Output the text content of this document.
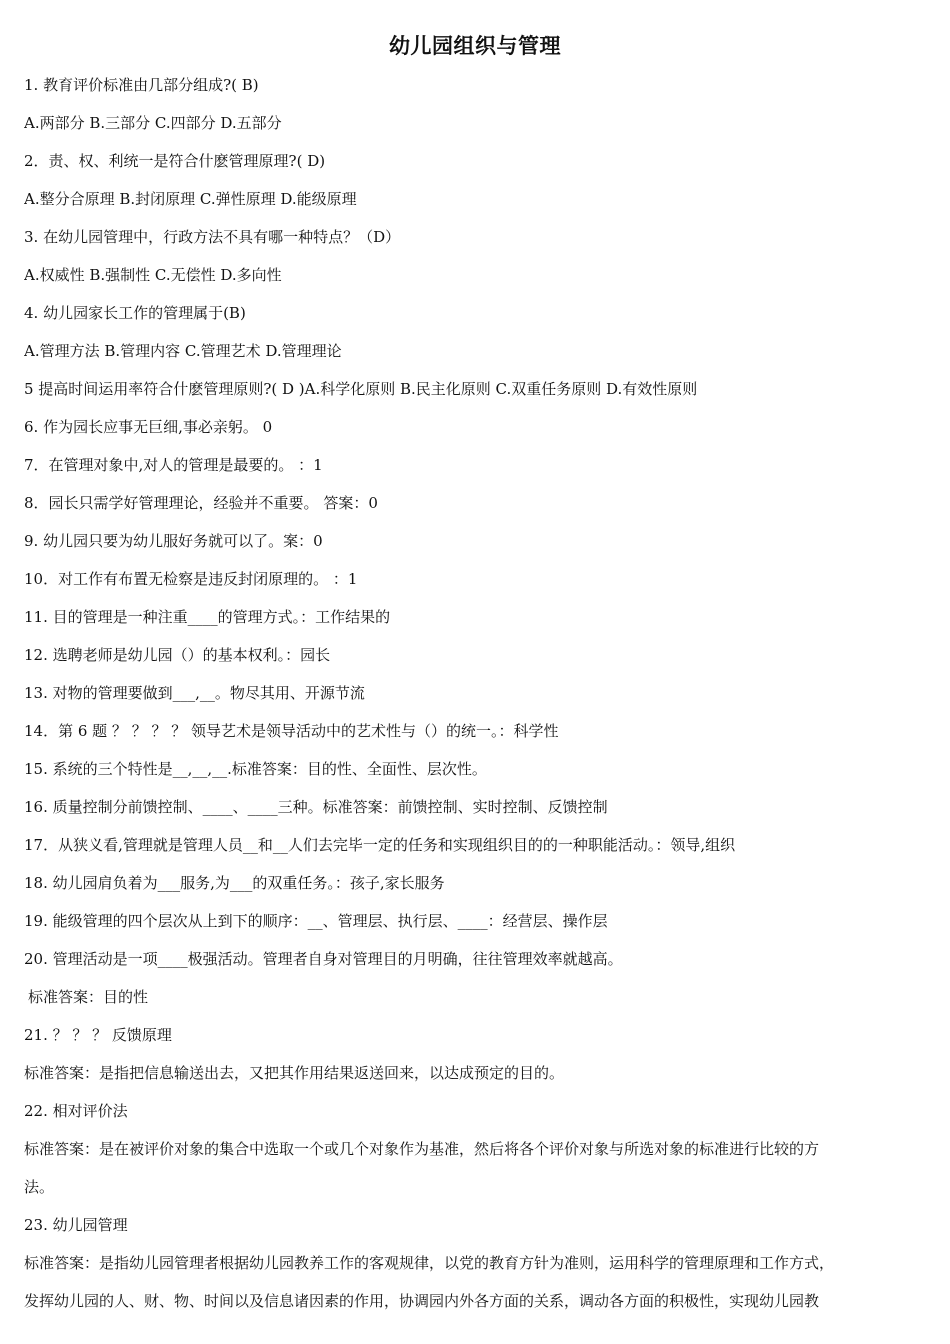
幼儿园组织与管理
1. 教育评价标准由几部分组成?( B)
A.两部分 B.三部分 C.四部分 D.五部分
2．责、权、利统一是符合什麽管理原理?( D)
A.整分合原理 B.封闭原理 C.弹性原理 D.能级原理
3. 在幼儿园管理中，行政方法不具有哪一种特点？（D）
A.权威性 B.强制性 C.无偿性 D.多向性
4. 幼儿园家长工作的管理属于(B)
A.管理方法 B.管理内容 C.管理艺术 D.管理理论
5 提高时间运用率符合什麽管理原则?( D )A.科学化原则 B.民主化原则 C.双重任务原则 D.有效性原则
6. 作为园长应事无巨细,事必亲躬。 0
7．在管理对象中,对人的管理是最要的。 ：1
8．园长只需学好管理理论，经验并不重要。 答案：0
9. 幼儿园只要为幼儿服好务就可以了。案：0
10．对工作有布置无检察是违反封闭原理的。 ：1
11. 目的管理是一种注重____的管理方式。：工作结果的
12. 选聘老师是幼儿园（）的基本权利。：园长
13. 对物的管理要做到___,__。物尽其用、开源节流
14．第 6 题 ？ ？ ？ ？ 领导艺术是领导活动中的艺术性与（）的统一。：科学性
15. 系统的三个特性是__,__,__.标准答案：目的性、全面性、层次性。
16. 质量控制分前馈控制、____、____三种。标准答案：前馈控制、实时控制、反馈控制
17．从狭义看,管理就是管理人员__和__人们去完毕一定的任务和实现组织目的的一种职能活动。：领导,组织
18. 幼儿园肩负着为___服务,为___的双重任务。：孩子,家长服务
19. 能级管理的四个层次从上到下的顺序：__、管理层、执行层、____：经营层、操作层
20. 管理活动是一项____极强活动。管理者自身对管理目的月明确，往往管理效率就越高。
标准答案：目的性
21. ？ ？ ？ 反馈原理
标准答案：是指把信息输送出去，又把其作用结果返送回来，以达成预定的目的。
22. 相对评价法
标准答案：是在被评价对象的集合中选取一个或几个对象作为基准，然后将各个评价对象与所选对象的标准进行比较的方
法。
23. 幼儿园管理
标准答案：是指幼儿园管理者根据幼儿园教养工作的客观规律，以党的教育方针为准则，运用科学的管理原理和工作方式，
发挥幼儿园的人、财、物、时间以及信息诸因素的作用，协调园内外各方面的关系，调动各方面的积极性，实现幼儿园教
